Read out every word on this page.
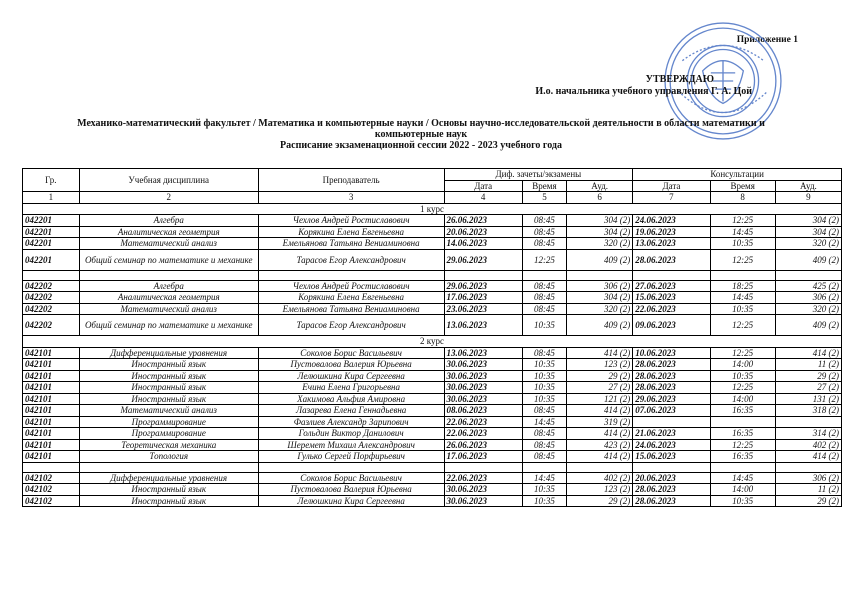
Приложение 1
УТВЕРЖДАЮ
И.о. начальника учебного управления Г. А. Цой
Механико-математический факультет / Математика и компьютерные науки / Основы научно-исследовательской деятельности в области математики и
компьютерные наук
Расписание экзаменационной сессии 2022 - 2023 учебного года
Гр.	Учебная дисциплина	Преподаватель	Диф. зачеты/экзамены			Консультации		
			Дата	Время	Ауд.	Дата	Время	Ауд.
1	2	3	4	5	6	7	8	9
1 курс								
042201	Алгебра	Чехлов Андрей Ростиславович	26.06.2023	08:45	304 (2)	24.06.2023	12:25	304 (2)
042201	Аналитическая геометрия	Корякина Елена Евгеньевна	20.06.2023	08:45	304 (2)	19.06.2023	14:45	304 (2)
042201	Математический анализ	Емельянова Татьяна Вениаминовна	14.06.2023	08:45	320 (2)	13.06.2023	10:35	320 (2)
042201	Общий семинар по математике и механике	Тарасов Егор Александрович	29.06.2023	12:25	409 (2)	28.06.2023	12:25	409 (2)

042202	Алгебра	Чехлов Андрей Ростиславович	29.06.2023	08:45	306 (2)	27.06.2023	18:25	425 (2)
042202	Аналитическая геометрия	Корякина Елена Евгеньевна	17.06.2023	08:45	304 (2)	15.06.2023	14:45	306 (2)
042202	Математический анализ	Емельянова Татьяна Вениаминовна	23.06.2023	08:45	320 (2)	22.06.2023	10:35	320 (2)
042202	Общий семинар по математике и механике	Тарасов Егор Александрович	13.06.2023	10:35	409 (2)	09.06.2023	12:25	409 (2)
2 курс								
042101	Дифференциальные уравнения	Соколов Борис Васильевич	13.06.2023	08:45	414 (2)	10.06.2023	12:25	414 (2)
042101	Иностранный язык	Пустовалова Валерия Юрьевна	30.06.2023	10:35	123 (2)	28.06.2023	14:00	11 (2)
042101	Иностранный язык	Лелюшкина Кира Сергеевна	30.06.2023	10:35	29 (2)	28.06.2023	10:35	29 (2)
042101	Иностранный язык	Ечина Елена Григорьевна	30.06.2023	10:35	27 (2)	28.06.2023	12:25	27 (2)
042101	Иностранный язык	Хакимова Альфия Амировна	30.06.2023	10:35	121 (2)	29.06.2023	14:00	131 (2)
042101	Математический анализ	Лазарева Елена Геннадьевна	08.06.2023	08:45	414 (2)	07.06.2023	16:35	318 (2)
042101	Программирование	Фазлиев Александр Зарипович	22.06.2023	14:45	319 (2)			
042101	Программирование	Гольдин Виктор Данилович	22.06.2023	08:45	414 (2)	21.06.2023	16:35	314 (2)
042101	Теоретическая механика	Шеремет Михаил Александрович	26.06.2023	08:45	423 (2)	24.06.2023	12:25	402 (2)
042101	Топология	Гулько Сергей Порфирьевич	17.06.2023	08:45	414 (2)	15.06.2023	16:35	414 (2)

042102	Дифференциальные уравнения	Соколов Борис Васильевич	22.06.2023	14:45	402 (2)	20.06.2023	14:45	306 (2)
042102	Иностранный язык	Пустовалова Валерия Юрьевна	30.06.2023	10:35	123 (2)	28.06.2023	14:00	11 (2)
042102	Иностранный язык	Лелюшкина Кира Сергеевна	30.06.2023	10:35	29 (2)	28.06.2023	10:35	29 (2)
